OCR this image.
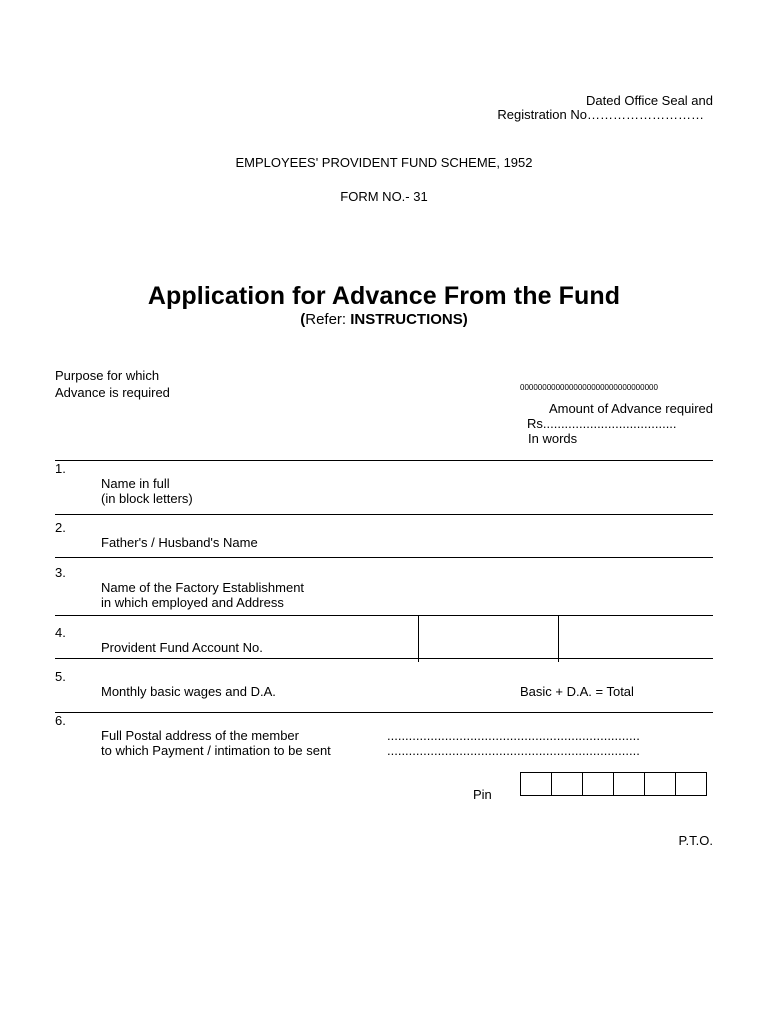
Dated Office Seal and
Registration No………………………
EMPLOYEES' PROVIDENT FUND SCHEME, 1952
FORM NO.- 31
Application for Advance From the Fund
(Refer: INSTRUCTIONS)
Purpose for which
Advance is required	0000000000000000000000000000000
Amount of Advance required
Rs.....................................
In words
1.
Name in full
(in block letters)
2.
Father's / Husband's Name
3.
Name of the Factory Establishment
in which employed and Address
4.
Provident Fund Account No.
5.
Monthly basic wages and D.A.	Basic + D.A. = Total
6.
Full Postal address of the member
to which Payment / intimation to be sent
......................................................................
......................................................................
Pin
P.T.O.
